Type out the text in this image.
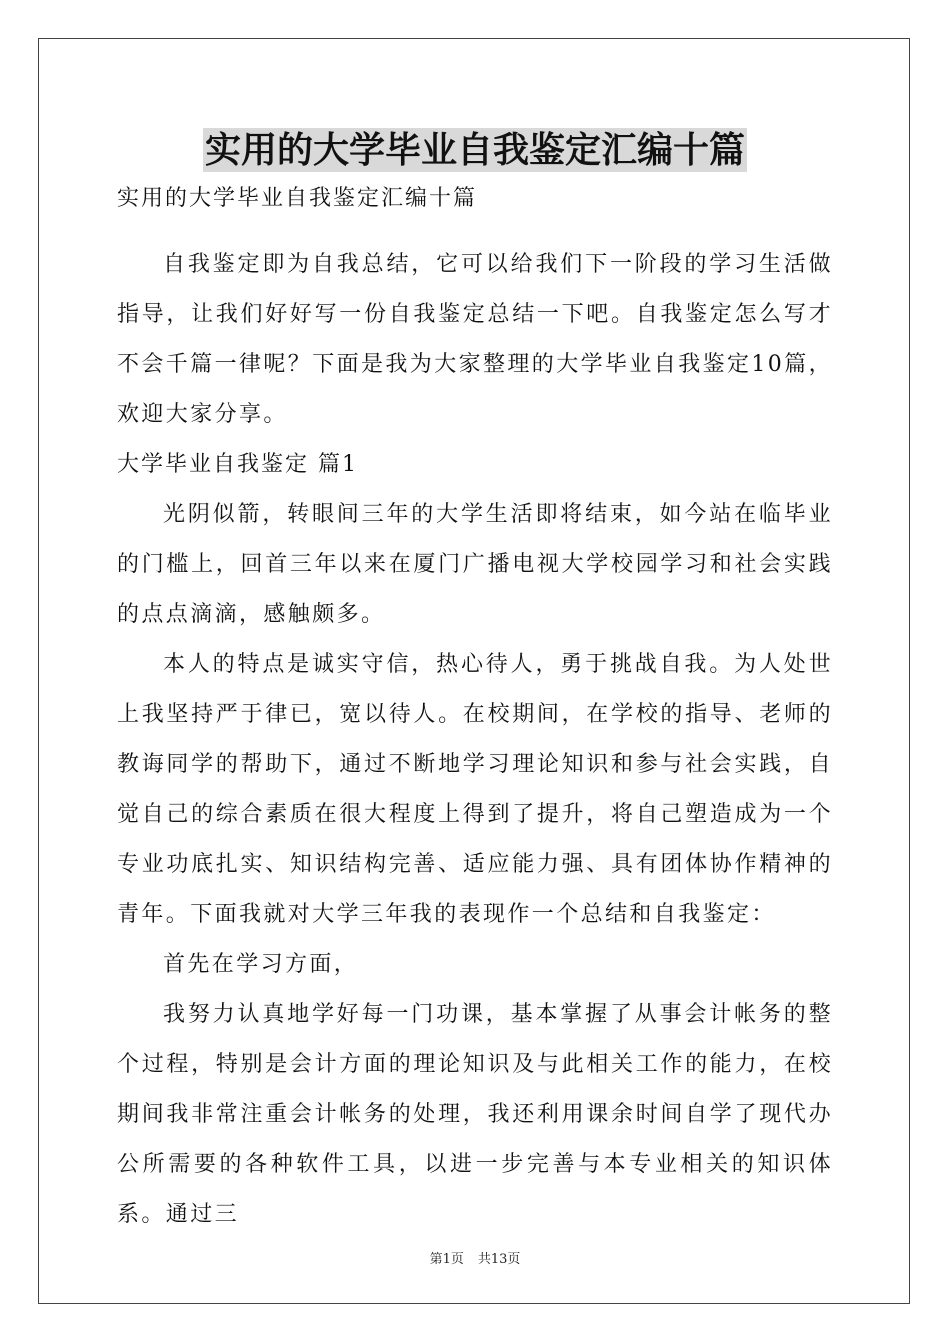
实用的大学毕业自我鉴定汇编十篇

实用的大学毕业自我鉴定汇编十篇

自我鉴定即为自我总结，它可以给我们下一阶段的学习生活做指导，让我们好好写一份自我鉴定总结一下吧。自我鉴定怎么写才不会千篇一律呢？下面是我为大家整理的大学毕业自我鉴定10篇，欢迎大家分享。

大学毕业自我鉴定 篇1

光阴似箭，转眼间三年的大学生活即将结束，如今站在临毕业的门槛上，回首三年以来在厦门广播电视大学校园学习和社会实践的点点滴滴，感触颇多。

本人的特点是诚实守信，热心待人，勇于挑战自我。为人处世上我坚持严于律已，宽以待人。在校期间，在学校的指导、老师的教诲同学的帮助下，通过不断地学习理论知识和参与社会实践，自觉自己的综合素质在很大程度上得到了提升，将自己塑造成为一个专业功底扎实、知识结构完善、适应能力强、具有团体协作精神的青年。下面我就对大学三年我的表现作一个总结和自我鉴定：

首先在学习方面，

我努力认真地学好每一门功课，基本掌握了从事会计帐务的整个过程，特别是会计方面的理论知识及与此相关工作的能力，在校期间我非常注重会计帐务的处理，我还利用课余时间自学了现代办公所需要的各种软件工具，以进一步完善与本专业相关的知识体系。通过三

第1页 共13页
